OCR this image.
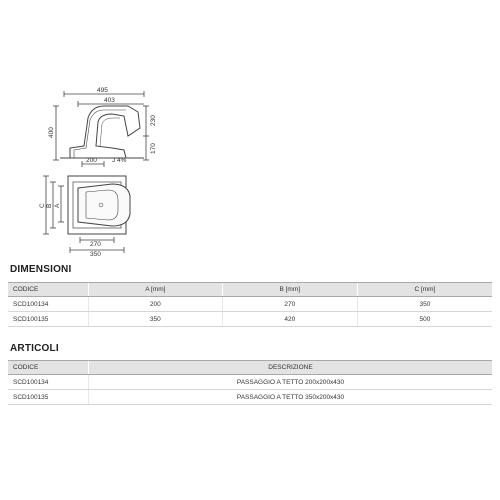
495
403
400
230
170
200 J 4%
C B A
270
350
DIMENSIONI
CODICE	A [mm]	B [mm]	C [mm]
SCD100134	200	270	350
SCD100135	350	420	500
ARTICOLI
CODICE	DESCRIZIONE
SCD100134	PASSAGGIO A TETTO 200x200x430
SCD100135	PASSAGGIO A TETTO 350x200x430
